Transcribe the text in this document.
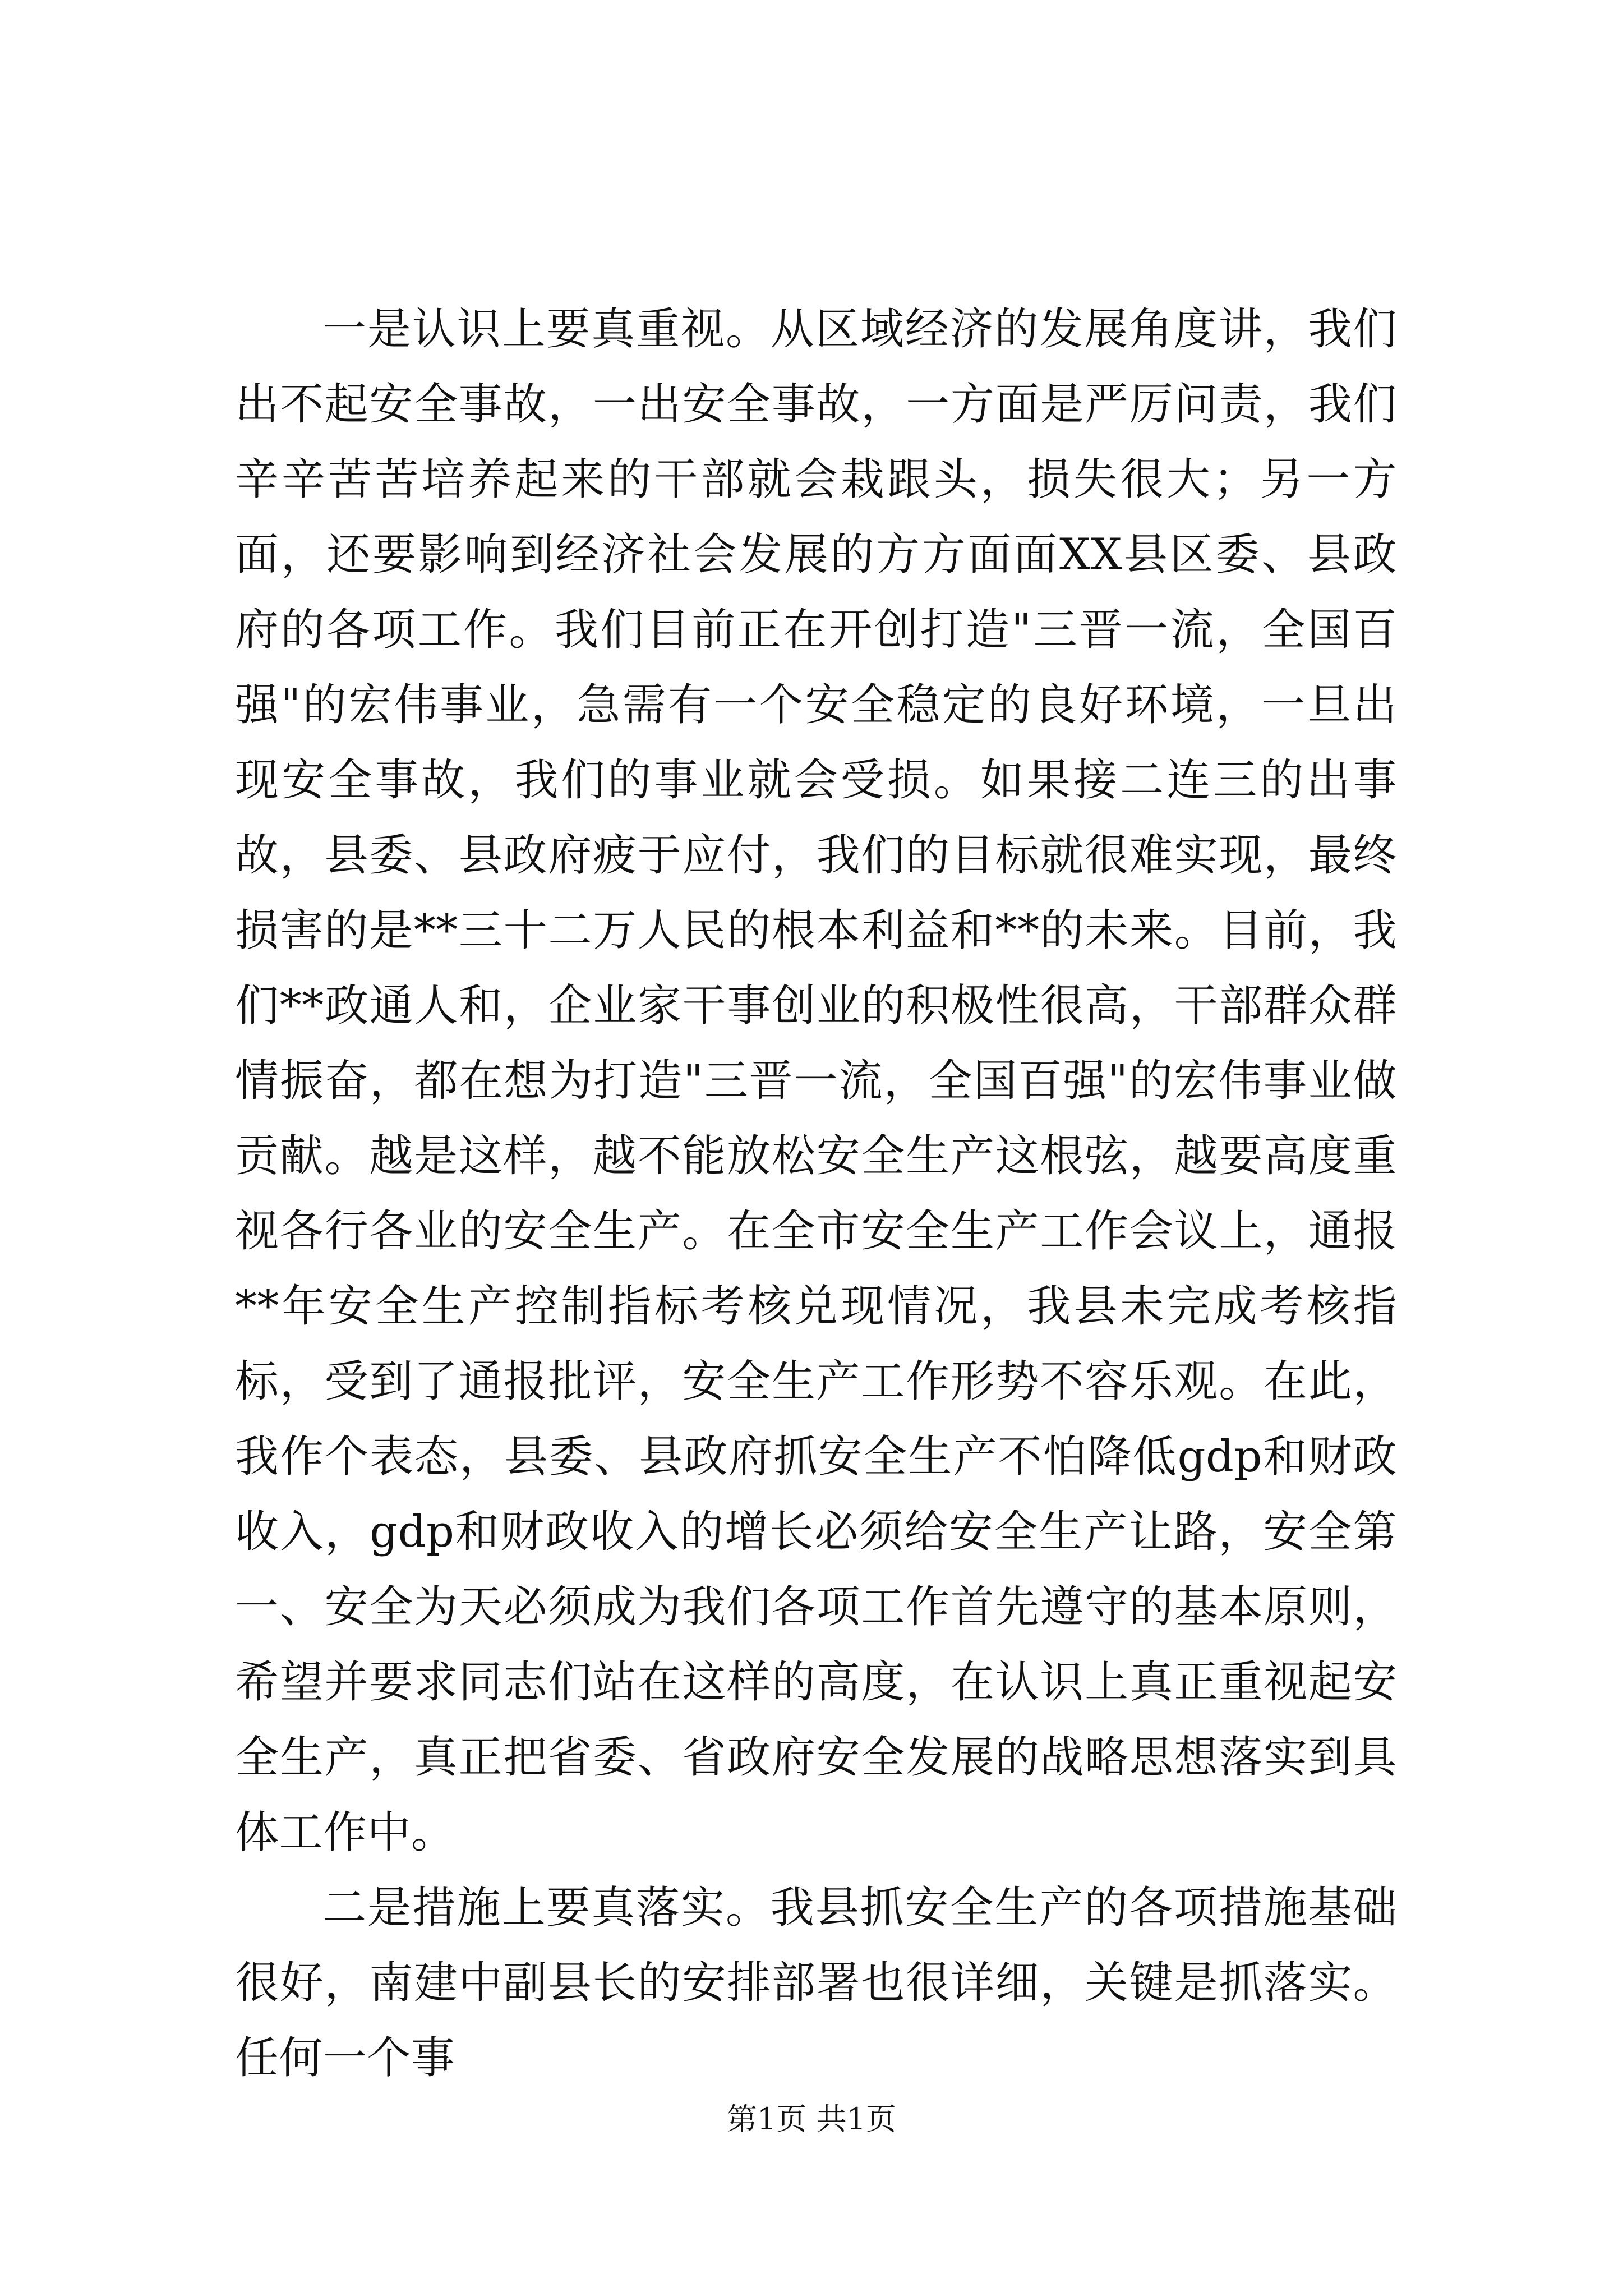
一是认识上要真重视。从区域经济的发展角度讲，我们出不起安全事故，一出安全事故，一方面是严厉问责，我们辛辛苦苦培养起来的干部就会栽跟头，损失很大；另一方面，还要影响到经济社会发展的方方面面XX县区委、县政府的各项工作。我们目前正在开创打造"三晋一流，全国百强"的宏伟事业，急需有一个安全稳定的良好环境，一旦出现安全事故，我们的事业就会受损。如果接二连三的出事故，县委、县政府疲于应付，我们的目标就很难实现，最终损害的是**三十二万人民的根本利益和**的未来。目前，我们**政通人和，企业家干事创业的积极性很高，干部群众群情振奋，都在想为打造"三晋一流，全国百强"的宏伟事业做贡献。越是这样，越不能放松安全生产这根弦，越要高度重视各行各业的安全生产。在全市安全生产工作会议上，通报**年安全生产控制指标考核兑现情况，我县未完成考核指标，受到了通报批评，安全生产工作形势不容乐观。在此，我作个表态，县委、县政府抓安全生产不怕降低gdp和财政收入，gdp和财政收入的增长必须给安全生产让路，安全第一、安全为天必须成为我们各项工作首先遵守的基本原则，希望并要求同志们站在这样的高度，在认识上真正重视起安全生产，真正把省委、省政府安全发展的战略思想落实到具体工作中。

二是措施上要真落实。我县抓安全生产的各项措施基础很好，南建中副县长的安排部署也很详细，关键是抓落实。任何一个事

第1页 共1页
